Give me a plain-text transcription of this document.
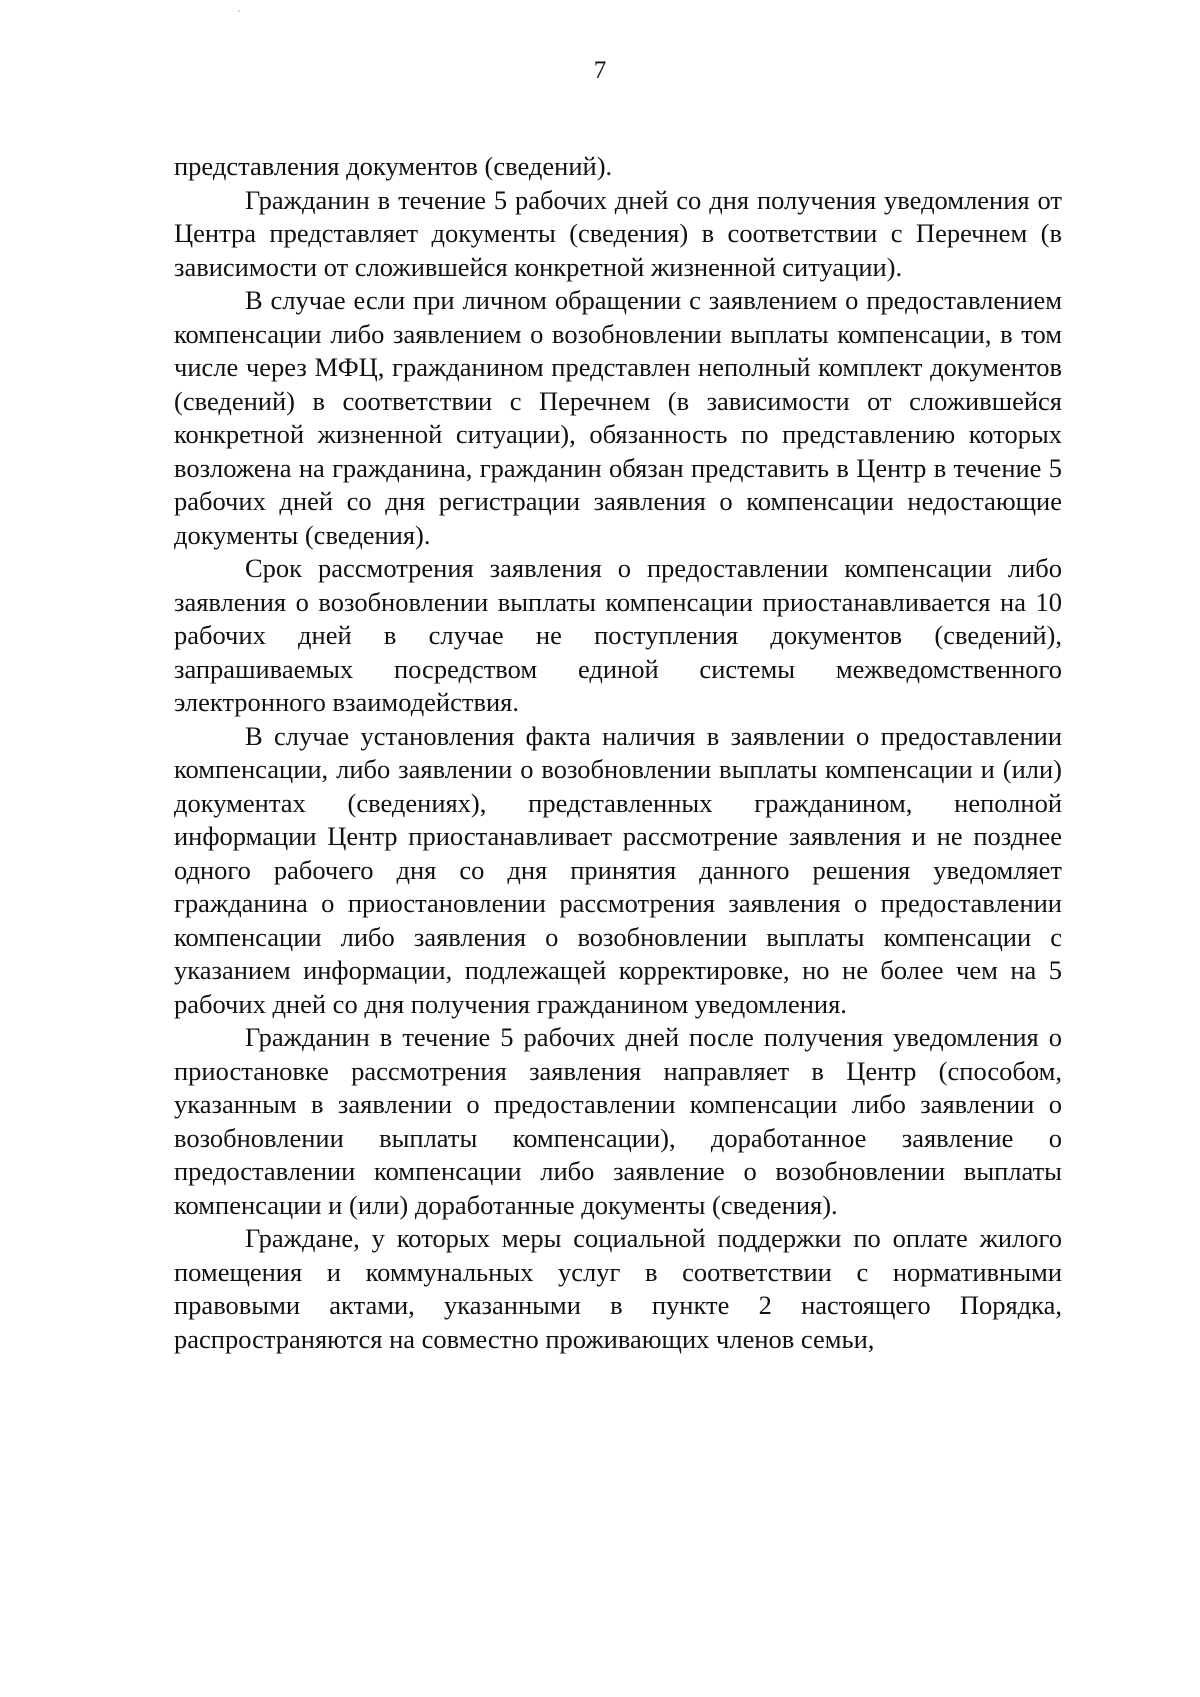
7

представления документов (сведений).

Гражданин в течение 5 рабочих дней со дня получения уведомления от Центра представляет документы (сведения) в соответствии с Перечнем (в зависимости от сложившейся конкретной жизненной ситуации).

В случае если при личном обращении с заявлением о предоставлением компенсации либо заявлением о возобновлении выплаты компенсации, в том числе через МФЦ, гражданином представлен неполный комплект документов (сведений) в соответствии с Перечнем (в зависимости от сложившейся конкретной жизненной ситуации), обязанность по представлению которых возложена на гражданина, гражданин обязан представить в Центр в течение 5 рабочих дней со дня регистрации заявления о компенсации недостающие документы (сведения).

Срок рассмотрения заявления о предоставлении компенсации либо заявления о возобновлении выплаты компенсации приостанавливается на 10 рабочих дней в случае не поступления документов (сведений), запрашиваемых посредством единой системы межведомственного электронного взаимодействия.

В случае установления факта наличия в заявлении о предоставлении компенсации, либо заявлении о возобновлении выплаты компенсации и (или) документах (сведениях), представленных гражданином, неполной информации Центр приостанавливает рассмотрение заявления и не позднее одного рабочего дня со дня принятия данного решения уведомляет гражданина о приостановлении рассмотрения заявления о предоставлении компенсации либо заявления о возобновлении выплаты компенсации с указанием информации, подлежащей корректировке, но не более чем на 5 рабочих дней со дня получения гражданином уведомления.

Гражданин в течение 5 рабочих дней после получения уведомления о приостановке рассмотрения заявления направляет в Центр (способом, указанным в заявлении о предоставлении компенсации либо заявлении о возобновлении выплаты компенсации), доработанное заявление о предоставлении компенсации либо заявление о возобновлении выплаты компенсации и (или) доработанные документы (сведения).

Граждане, у которых меры социальной поддержки по оплате жилого помещения и коммунальных услуг в соответствии с нормативными правовыми актами, указанными в пункте 2 настоящего Порядка, распространяются на совместно проживающих членов семьи,
